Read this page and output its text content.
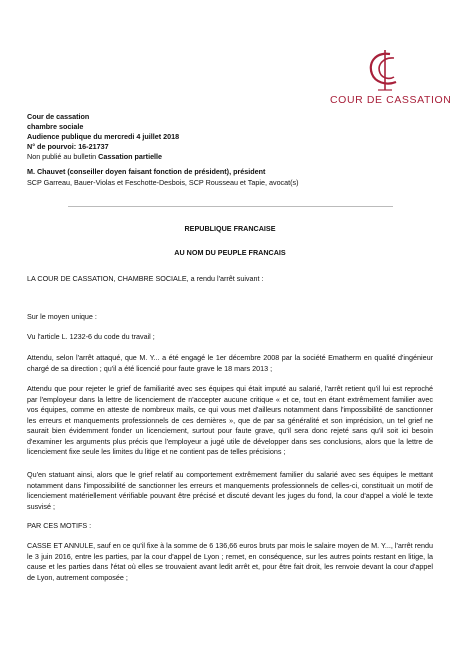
COUR DE CASSATION

Cour de cassation

chambre sociale

Audience publique du mercredi 4 juillet 2018

N° de pourvoi: 16-21737

Non publié au bulletin Cassation partielle

M. Chauvet (conseiller doyen faisant fonction de président), président

SCP Garreau, Bauer-Violas et Feschotte-Desbois, SCP Rousseau et Tapie, avocat(s)

REPUBLIQUE FRANCAISE

AU NOM DU PEUPLE FRANCAIS

LA COUR DE CASSATION, CHAMBRE SOCIALE, a rendu l'arrêt suivant :

Sur le moyen unique :

Vu l'article L. 1232-6 du code du travail ;

Attendu, selon l'arrêt attaqué, que M. Y... a été engagé le 1er décembre 2008 par la société Ematherm en qualité d'ingénieur chargé de sa direction ; qu'il a été licencié pour faute grave le 18 mars 2013 ;

Attendu que pour rejeter le grief de familiarité avec ses équipes qui était imputé au salarié, l'arrêt retient qu'il lui est reproché par l'employeur dans la lettre de licenciement de n'accepter aucune critique « et ce, tout en étant extrêmement familier avec vos équipes, comme en atteste de nombreux mails, ce qui vous met d'ailleurs notamment dans l'impossibilité de sanctionner les erreurs et manquements professionnels de ces dernières », que de par sa généralité et son imprécision, un tel grief ne saurait bien évidemment fonder un licenciement, surtout pour faute grave, qu'il sera donc rejeté sans qu'il soit ici besoin d'examiner les arguments plus précis que l'employeur a jugé utile de développer dans ses conclusions, alors que la lettre de licenciement fixe seule les limites du litige et ne contient pas de telles précisions ;

Qu'en statuant ainsi, alors que le grief relatif au comportement extrêmement familier du salarié avec ses équipes le mettant notamment dans l'impossibilité de sanctionner les erreurs et manquements professionnels de celles-ci, constituait un motif de licenciement matériellement vérifiable pouvant être précisé et discuté devant les juges du fond, la cour d'appel a violé le texte susvisé ;

PAR CES MOTIFS :

CASSE ET ANNULE, sauf en ce qu'il fixe à la somme de 6 136,66 euros bruts par mois le salaire moyen de M. Y..., l'arrêt rendu le 3 juin 2016, entre les parties, par la cour d'appel de Lyon ; remet, en conséquence, sur les autres points restant en litige, la cause et les parties dans l'état où elles se trouvaient avant ledit arrêt et, pour être fait droit, les renvoie devant la cour d'appel de Lyon, autrement composée ;
